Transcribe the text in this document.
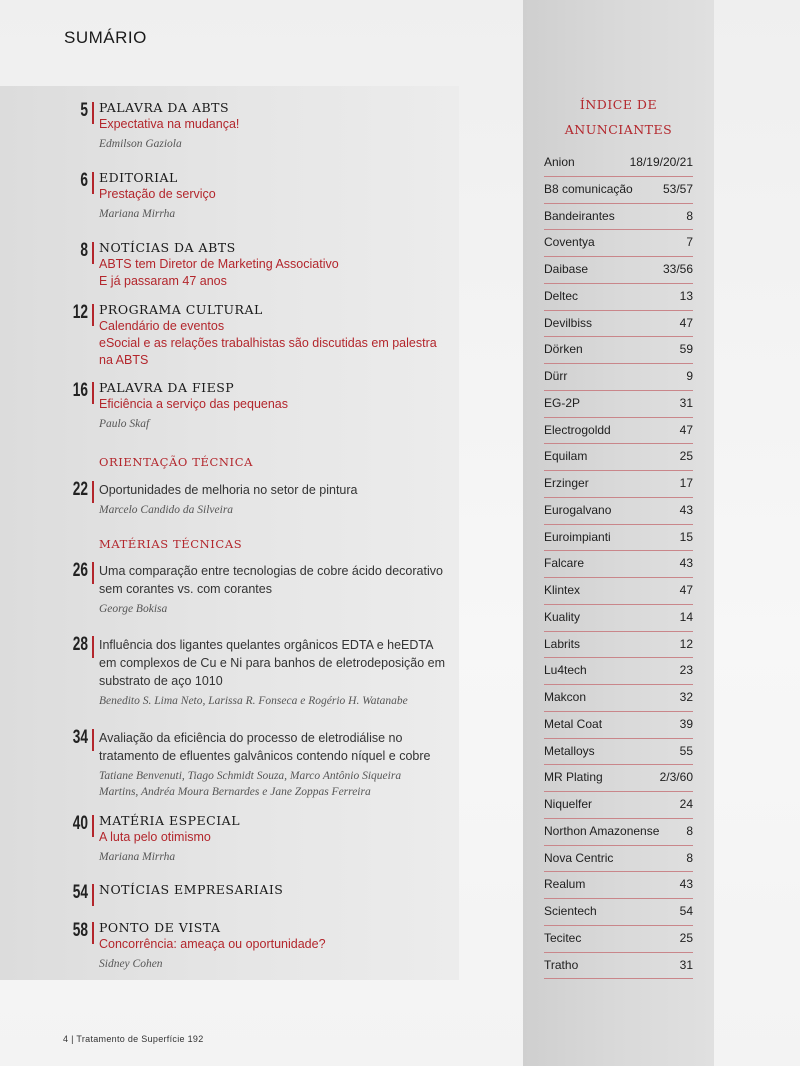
SUMÁRIO
ORIENTAÇÃO TÉCNICA
MATÉRIAS TÉCNICAS
5 PALAVRA DA ABTS
Expectativa na mudança!
Edmilson Gaziola
6 EDITORIAL
Prestação de serviço
Mariana Mirrha
8 NOTÍCIAS DA ABTS
ABTS tem Diretor de Marketing Associativo
E já passaram 47 anos
12 PROGRAMA CULTURAL
Calendário de eventos
eSocial e as relações trabalhistas são discutidas em palestra
na ABTS
16 PALAVRA DA FIESP
Eficiência a serviço das pequenas
Paulo Skaf
22 Oportunidades de melhoria no setor de pintura
Marcelo Candido da Silveira
26 Uma comparação entre tecnologias de cobre ácido decorativo
sem corantes vs. com corantes
George Bokisa
28 Influência dos ligantes quelantes orgânicos EDTA e heEDTA
em complexos de Cu e Ni para banhos de eletrodeposição em
substrato de aço 1010
Benedito S. Lima Neto, Larissa R. Fonseca e Rogério H. Watanabe
34 Avaliação da eficiência do processo de eletrodiálise no
tratamento de efluentes galvânicos contendo níquel e cobre
Tatiane Benvenuti, Tiago Schmidt Souza, Marco Antônio Siqueira
Martins, Andréa Moura Bernardes e Jane Zoppas Ferreira
40 MATÉRIA ESPECIAL
A luta pelo otimismo
Mariana Mirrha
54 NOTÍCIAS EMPRESARIAIS
58 PONTO DE VISTA
Concorrência: ameaça ou oportunidade?
Sidney Cohen
ÍNDICE DE
ANUNCIANTES
Anion	18/19/20/21
B8 comunicação	53/57
Bandeirantes	8
Coventya	7
Daibase	33/56
Deltec	13
Devilbiss	47
Dörken	59
Dürr	9
EG-2P	31
Electrogoldd	47
Equilam	25
Erzinger	17
Eurogalvano	43
Euroimpianti	15
Falcare	43
Klintex	47
Kuality	14
Labrits	12
Lu4tech	23
Makcon	32
Metal Coat	39
Metalloys	55
MR Plating	2/3/60
Niquelfer	24
Northon Amazonense 8
Nova Centric	8
Realum	43
Scientech	54
Tecitec	25
Tratho	31
4 | Tratamento de Superfície 192
